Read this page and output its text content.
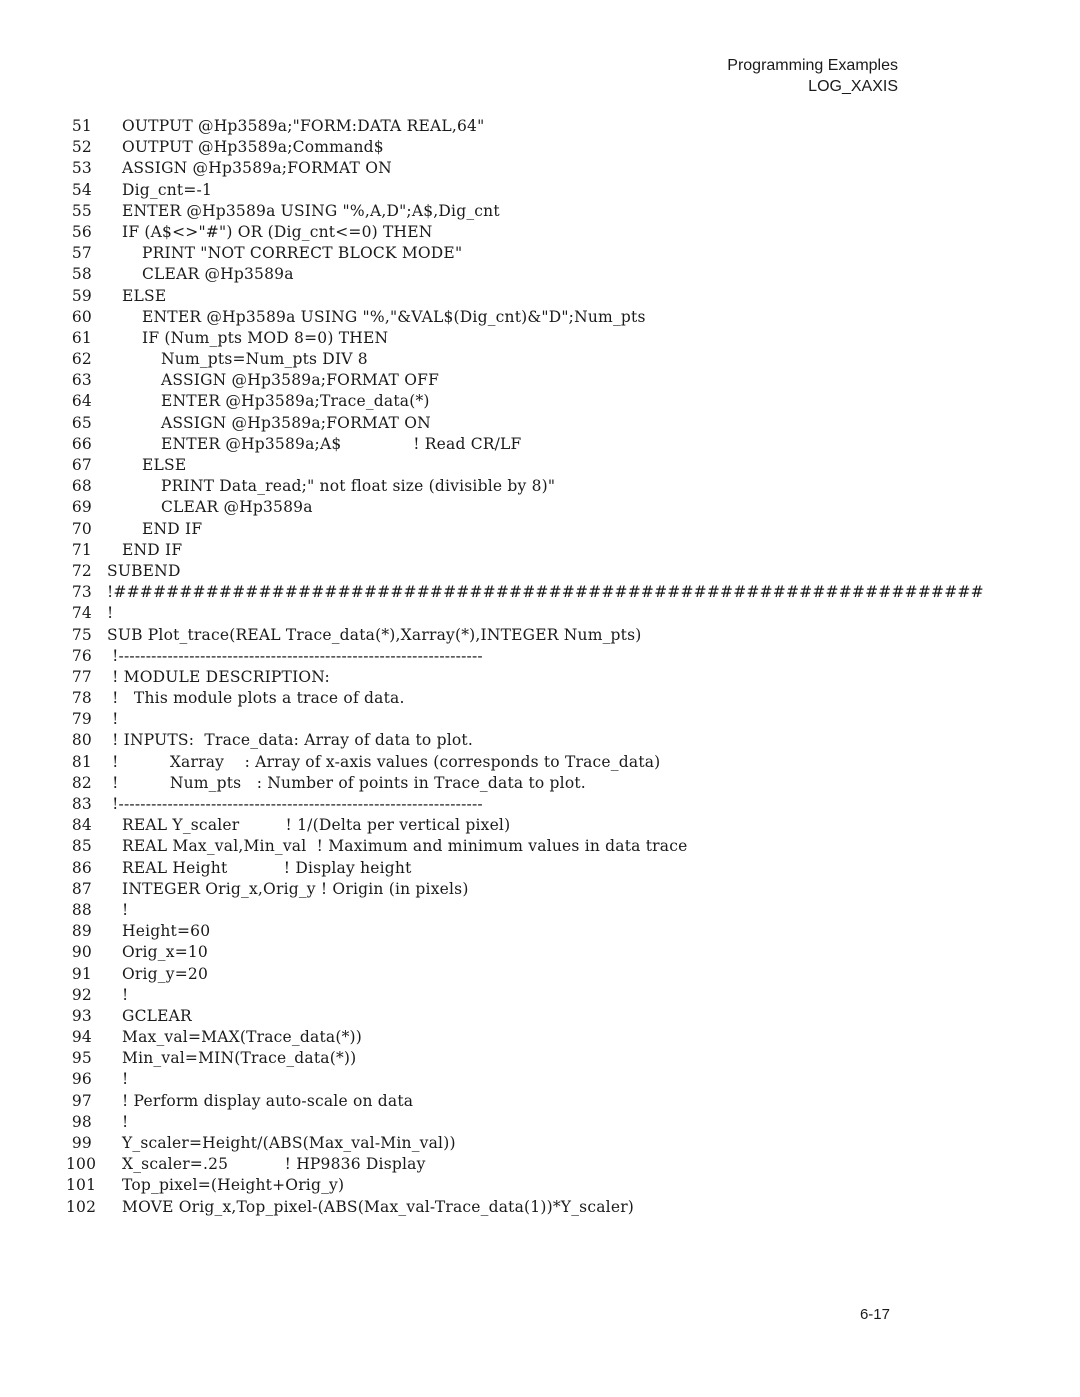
Programming Examples
LOG_XAXIS
51	OUTPUT @Hp3589a;"FORM:DATA REAL,64"
52	OUTPUT @Hp3589a;Command$
53	ASSIGN @Hp3589a;FORMAT ON
54	Dig_cnt=-1
55	ENTER @Hp3589a USING "%,A,D";A$,Dig_cnt
56	IF (A$<>"#") OR (Dig_cnt<=0) THEN
57	PRINT "NOT CORRECT BLOCK MODE"
58	CLEAR @Hp3589a
59	ELSE
60	ENTER @Hp3589a USING "%,"&VAL$(Dig_cnt)&"D";Num_pts
61	IF (Num_pts MOD 8=0) THEN
62	Num_pts=Num_pts DIV 8
63	ASSIGN @Hp3589a;FORMAT OFF
64	ENTER @Hp3589a;Trace_data(*)
65	ASSIGN @Hp3589a;FORMAT ON
66	ENTER @Hp3589a;A$              ! Read CR/LF
67	ELSE
68	PRINT Data_read;" not float size (divisible by 8)"
69	CLEAR @Hp3589a
70	END IF
71	END IF
72 SUBEND
73 !##################################################################
74 !
75 SUB Plot_trace(REAL Trace_data(*),Xarray(*),INTEGER Num_pts)
76 !-------------------------------------------------------------------
77 ! MODULE DESCRIPTION:
78 !   This module plots a trace of data.
79 !
80 ! INPUTS:  Trace_data: Array of data to plot.
81 !          Xarray    : Array of x-axis values (corresponds to Trace_data)
82 !          Num_pts   : Number of points in Trace_data to plot.
83 !-------------------------------------------------------------------
84	REAL Y_scaler         ! 1/(Delta per vertical pixel)
85	REAL Max_val,Min_val  ! Maximum and minimum values in data trace
86	REAL Height           ! Display height
87	INTEGER Orig_x,Orig_y ! Origin (in pixels)
88	!
89	Height=60
90	Orig_x=10
91	Orig_y=20
92	!
93	GCLEAR
94	Max_val=MAX(Trace_data(*))
95	Min_val=MIN(Trace_data(*))
96	!
97	! Perform display auto-scale on data
98	!
99	Y_scaler=Height/(ABS(Max_val-Min_val))
100	X_scaler=.25           ! HP9836 Display
101	Top_pixel=(Height+Orig_y)
102	MOVE Orig_x,Top_pixel-(ABS(Max_val-Trace_data(1))*Y_scaler)
6-17
